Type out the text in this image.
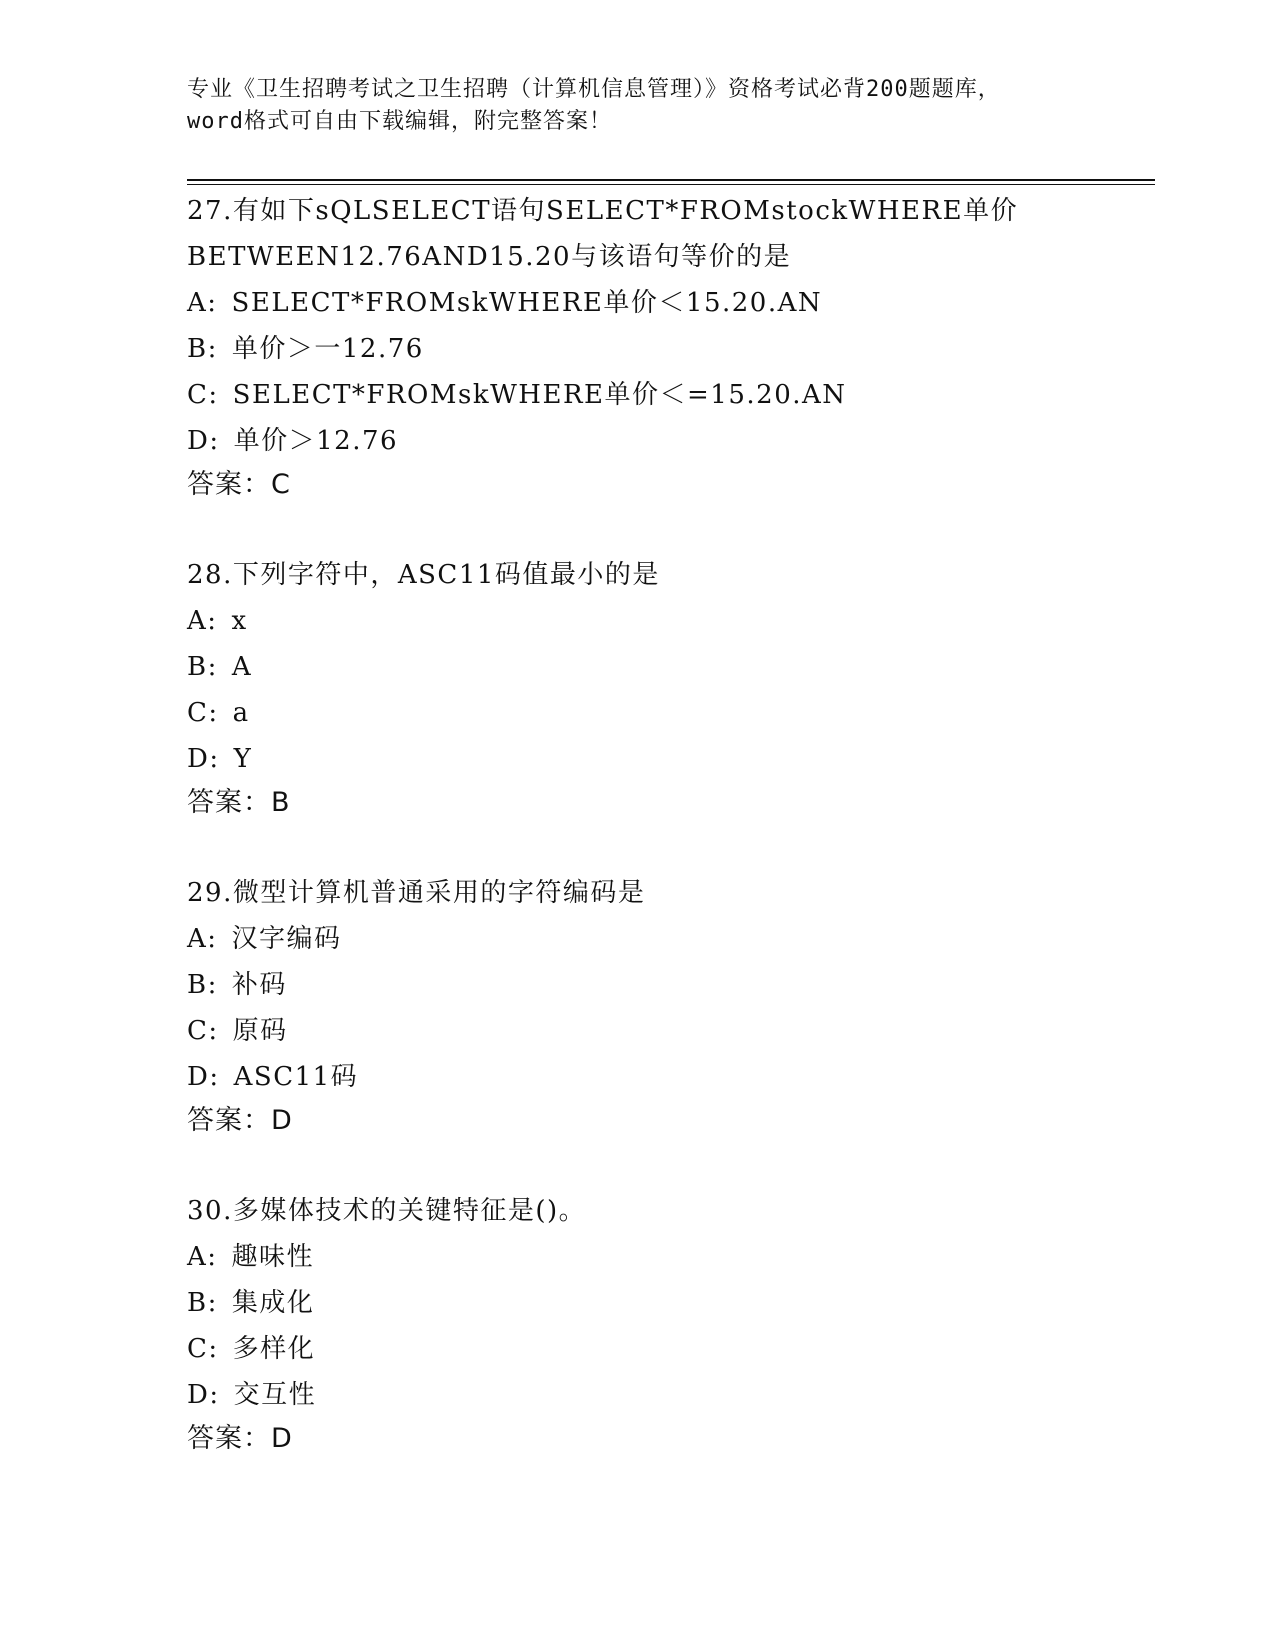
专业《卫生招聘考试之卫生招聘（计算机信息管理）》资格考试必背200题题库，
word格式可自由下载编辑，附完整答案！
27.有如下sQLSELECT语句SELECT*FROMstockWHERE单价
BETWEEN12.76AND15.20与该语句等价的是
A: SELECT*FROMskWHERE单价＜15.20.AN
B: 单价＞一12.76
C: SELECT*FROMskWHERE单价＜=15.20.AN
D: 单价＞12.76
答案：C
28.下列字符中，ASC11码值最小的是
A: x
B: A
C: a
D: Y
答案：B
29.微型计算机普通采用的字符编码是
A: 汉字编码
B: 补码
C: 原码
D: ASC11码
答案：D
30.多媒体技术的关键特征是()。
A: 趣味性
B: 集成化
C: 多样化
D: 交互性
答案：D
